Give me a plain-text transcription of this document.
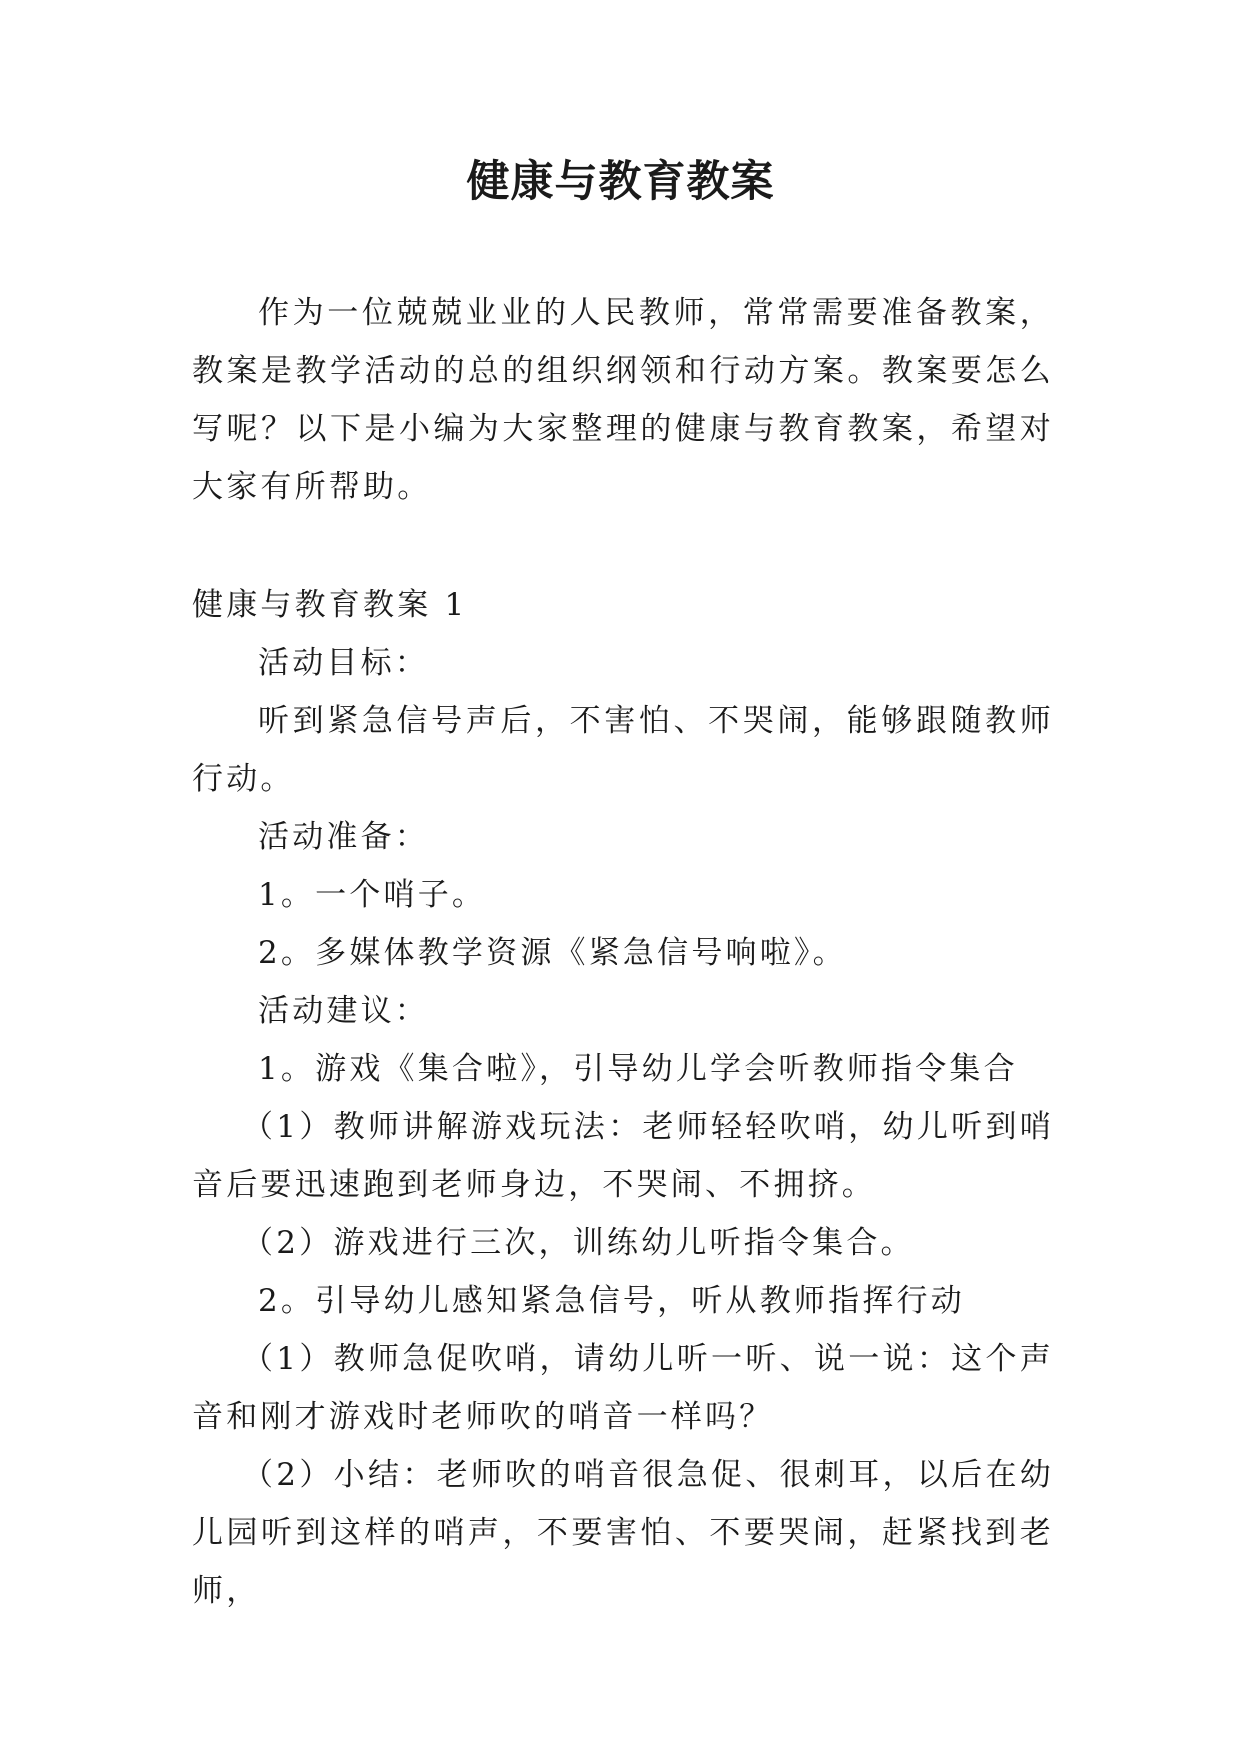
健康与教育教案

作为一位兢兢业业的人民教师，常常需要准备教案，教案是教学活动的总的组织纲领和行动方案。教案要怎么写呢？以下是小编为大家整理的健康与教育教案，希望对大家有所帮助。

健康与教育教案 1

活动目标：

听到紧急信号声后，不害怕、不哭闹，能够跟随教师行动。

活动准备：

1。一个哨子。

2。多媒体教学资源《紧急信号响啦》。

活动建议：

1。游戏《集合啦》，引导幼儿学会听教师指令集合

（1）教师讲解游戏玩法：老师轻轻吹哨，幼儿听到哨音后要迅速跑到老师身边，不哭闹、不拥挤。

（2）游戏进行三次，训练幼儿听指令集合。

2。引导幼儿感知紧急信号，听从教师指挥行动

（1）教师急促吹哨，请幼儿听一听、说一说：这个声音和刚才游戏时老师吹的哨音一样吗？

（2）小结：老师吹的哨音很急促、很刺耳，以后在幼儿园听到这样的哨声，不要害怕、不要哭闹，赶紧找到老师，
